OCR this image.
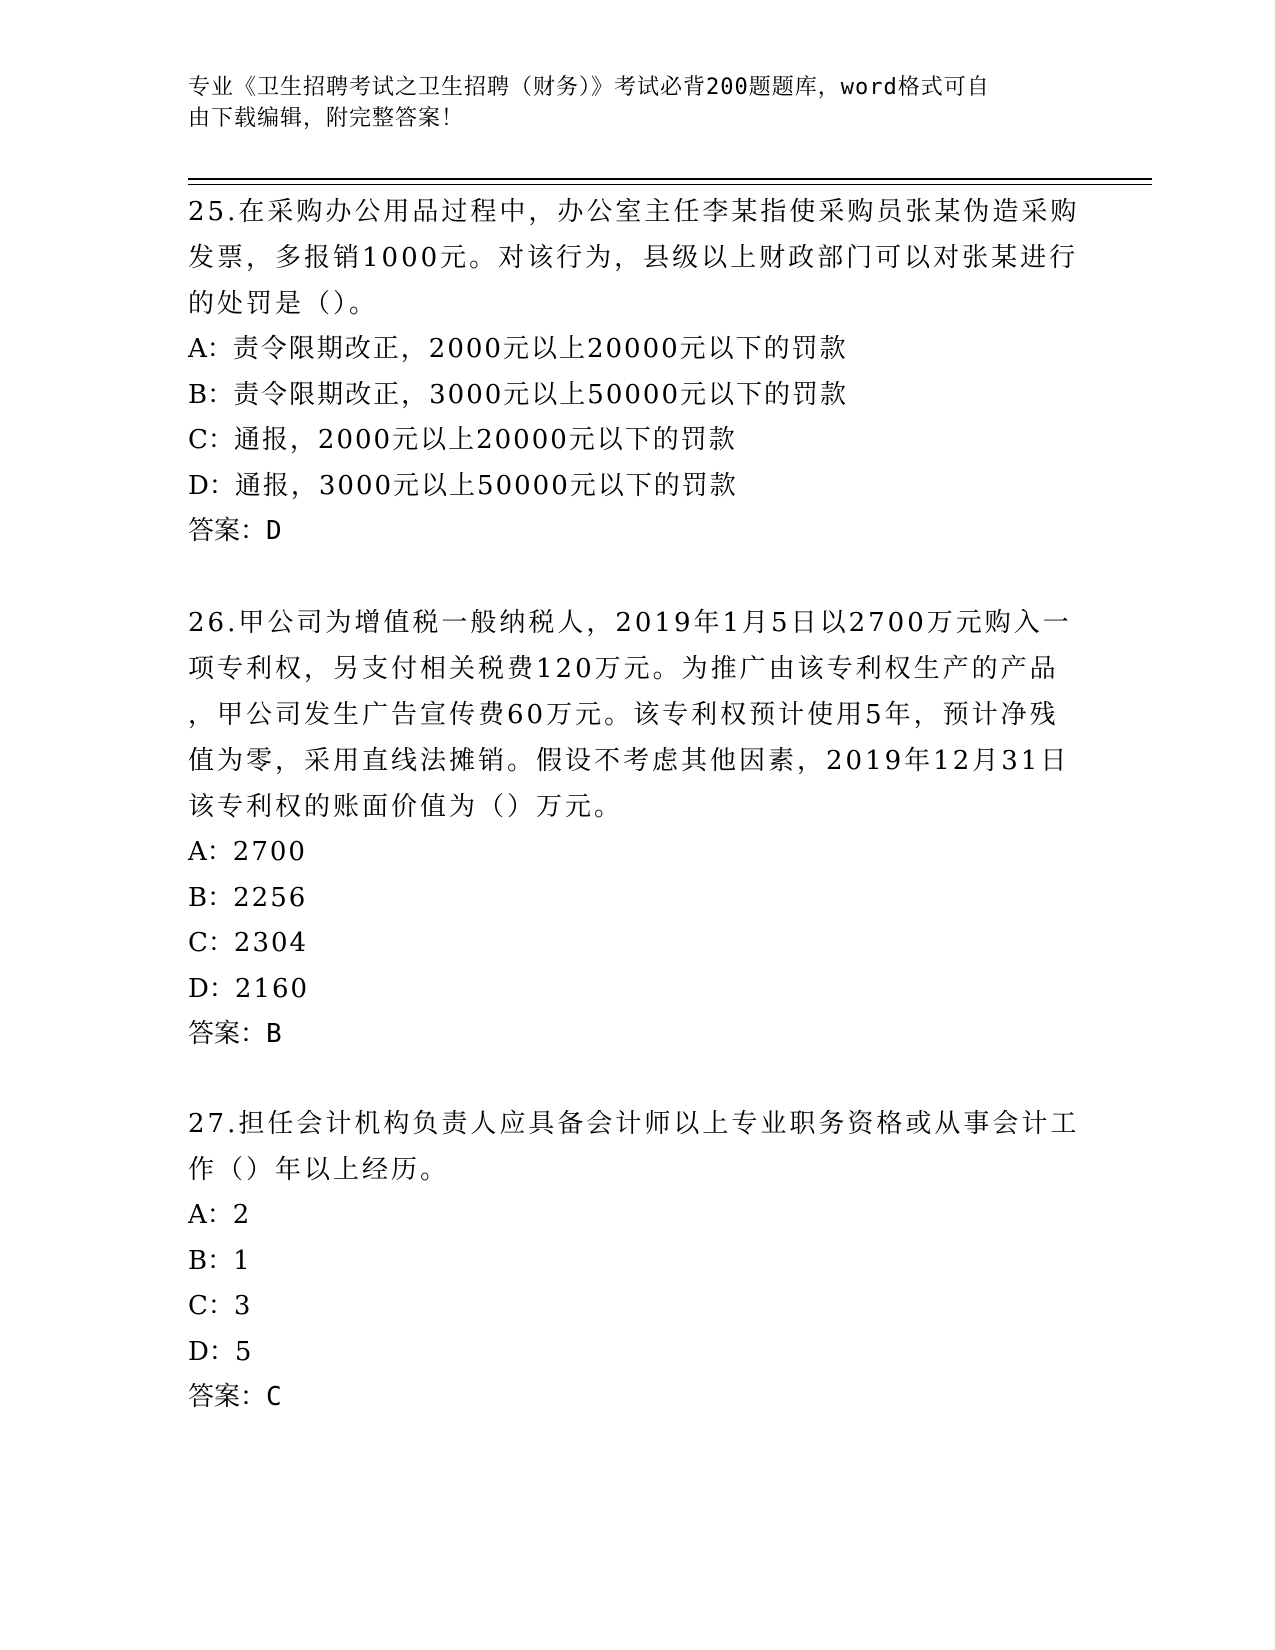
专业《卫生招聘考试之卫生招聘（财务）》考试必背200题题库，word格式可自
由下载编辑，附完整答案！

25.在采购办公用品过程中，办公室主任李某指使采购员张某伪造采购

发票，多报销1000元。对该行为，县级以上财政部门可以对张某进行

的处罚是（）。

A：责令限期改正，2000元以上20000元以下的罚款

B：责令限期改正，3000元以上50000元以下的罚款

C：通报，2000元以上20000元以下的罚款

D：通报，3000元以上50000元以下的罚款

答案：D

26.甲公司为增值税一般纳税人，2019年1月5日以2700万元购入一

项专利权，另支付相关税费120万元。为推广由该专利权生产的产品

，甲公司发生广告宣传费60万元。该专利权预计使用5年，预计净残

值为零，采用直线法摊销。假设不考虑其他因素，2019年12月31日

该专利权的账面价值为（）万元。

A：2700

B：2256

C：2304

D：2160

答案：B

27.担任会计机构负责人应具备会计师以上专业职务资格或从事会计工

作（）年以上经历。

A：2

B：1

C：3

D：5

答案：C
